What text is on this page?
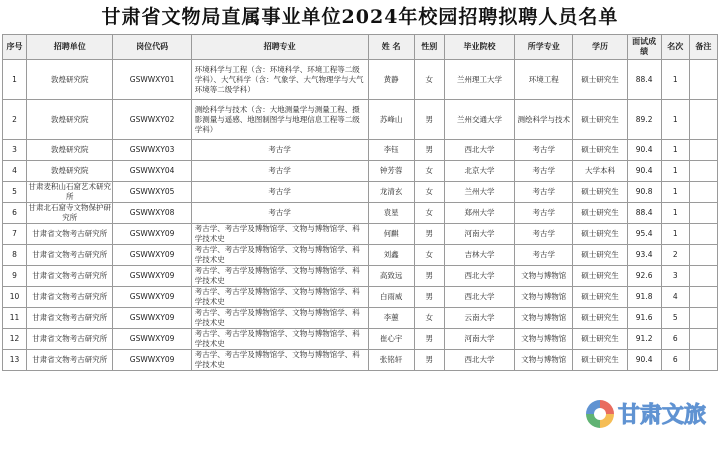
甘肃省文物局直属事业单位2024年校园招聘拟聘人员名单
序号	招聘单位	岗位代码	招聘专业	姓 名	性别	毕业院校	所学专业	学历	面试成绩	名次	备注
1	敦煌研究院	GSWWXY01	环境科学与工程（含：环境科学、环境工程等二级学科）、大气科学（含：气象学、大气物理学与大气环境等二级学科）	黄静	女	兰州理工大学	环境工程	硕士研究生	88.4	1	
2	敦煌研究院	GSWWXY02	测绘科学与技术（含：大地测量学与测量工程、摄影测量与遥感、地图制图学与地理信息工程等二级学科）	苏峰山	男	兰州交通大学	测绘科学与技术	硕士研究生	89.2	1	
3	敦煌研究院	GSWWXY03	考古学	李钰	男	西北大学	考古学	硕士研究生	90.4	1	
4	敦煌研究院	GSWWXY04	考古学	钟芳蓉	女	北京大学	考古学	大学本科	90.4	1	
5	甘肃麦积山石窟艺术研究所	GSWWXY05	考古学	龙清玄	女	兰州大学	考古学	硕士研究生	90.8	1	
6	甘肃北石窟寺文物保护研究所	GSWWXY08	考古学	袁星	女	郑州大学	考古学	硕士研究生	88.4	1	
7	甘肃省文物考古研究所	GSWWXY09	考古学、考古学及博物馆学、文物与博物馆学、科学技术史	何麒	男	河南大学	考古学	硕士研究生	95.4	1	
8	甘肃省文物考古研究所	GSWWXY09	考古学、考古学及博物馆学、文物与博物馆学、科学技术史	刘鑫	女	吉林大学	考古学	硕士研究生	93.4	2	
9	甘肃省文物考古研究所	GSWWXY09	考古学、考古学及博物馆学、文物与博物馆学、科学技术史	高致远	男	西北大学	文物与博物馆	硕士研究生	92.6	3	
10	甘肃省文物考古研究所	GSWWXY09	考古学、考古学及博物馆学、文物与博物馆学、科学技术史	白雨威	男	西北大学	文物与博物馆	硕士研究生	91.8	4	
11	甘肃省文物考古研究所	GSWWXY09	考古学、考古学及博物馆学、文物与博物馆学、科学技术史	李蕙	女	云南大学	文物与博物馆	硕士研究生	91.6	5	
12	甘肃省文物考古研究所	GSWWXY09	考古学、考古学及博物馆学、文物与博物馆学、科学技术史	崔心宇	男	河南大学	文物与博物馆	硕士研究生	91.2	6	
13	甘肃省文物考古研究所	GSWWXY09	考古学、考古学及博物馆学、文物与博物馆学、科学技术史	张铭轩	男	西北大学	文物与博物馆	硕士研究生	90.4	6	
甘肃文旅
